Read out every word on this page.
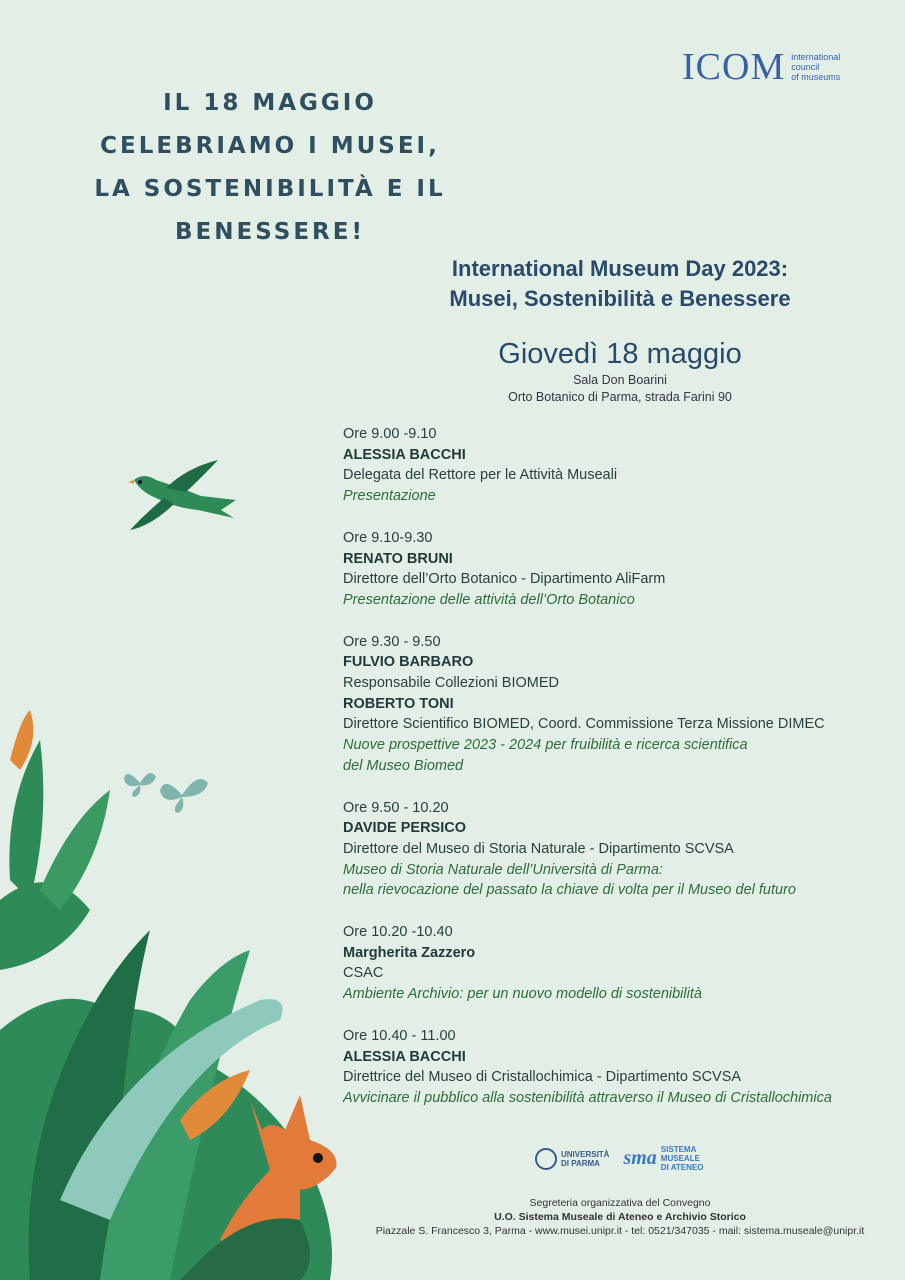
ICOM international
council
of museums
IL 18 MAGGIO
CELEBRIAMO I MUSEI,
LA SOSTENIBILITÀ E IL
BENESSERE!
International Museum Day 2023:
Musei, Sostenibilità e Benessere
Giovedì 18 maggio
Sala Don Boarini
Orto Botanico di Parma, strada Farini 90
Ore 9.00 -9.10
ALESSIA BACCHI
Delegata del Rettore per le Attività Museali
Presentazione
Ore 9.10-9.30
RENATO BRUNI
Direttore dell’Orto Botanico - Dipartimento AliFarm
Presentazione delle attività dell’Orto Botanico
Ore 9.30 - 9.50
FULVIO BARBARO
Responsabile Collezioni BIOMED
ROBERTO TONI
Direttore Scientifico BIOMED, Coord. Commissione Terza Missione DIMEC
Nuove prospettive 2023 - 2024 per fruibilità e ricerca scientifica
del Museo Biomed
Ore 9.50 - 10.20
DAVIDE PERSICO
Direttore del Museo di Storia Naturale - Dipartimento SCVSA
Museo di Storia Naturale dell’Università di Parma:
nella rievocazione del passato la chiave di volta per il Museo del futuro
Ore 10.20 -10.40
Margherita Zazzero
CSAC
Ambiente Archivio: per un nuovo modello di sostenibilità
Ore 10.40 - 11.00
ALESSIA BACCHI
Direttrice del Museo di Cristallochimica - Dipartimento SCVSA
Avvicinare il pubblico alla sostenibilità attraverso il Museo di Cristallochimica
UNIVERSITÀ
DI PARMA	sma SISTEMA
MUSEALE
DI ATENEO
Segreteria organizzativa del Convegno
U.O. Sistema Museale di Ateneo e Archivio Storico
Piazzale S. Francesco 3, Parma - www.musei.unipr.it - tel: 0521/347035 - mail: sistema.museale@unipr.it
